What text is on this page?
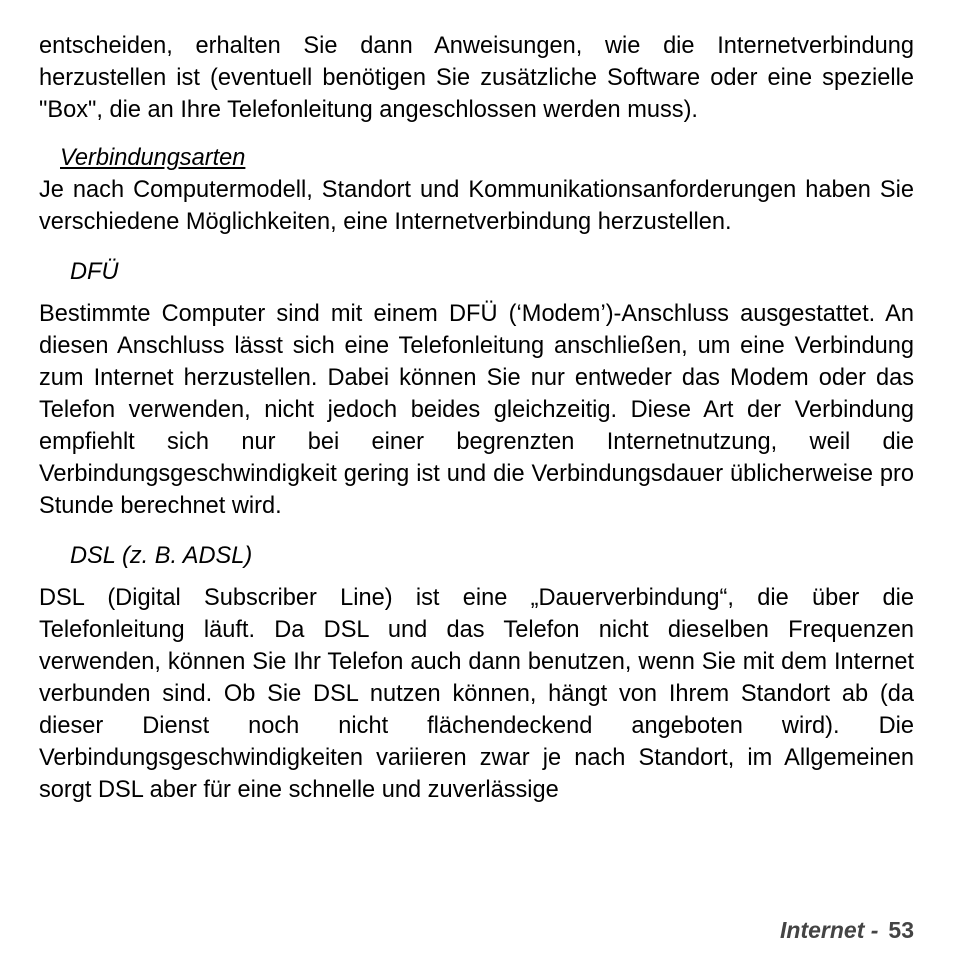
entscheiden, erhalten Sie dann Anweisungen, wie die Internetverbindung herzustellen ist (eventuell benötigen Sie zusätzliche Software oder eine spezielle "Box", die an Ihre Telefonleitung angeschlossen werden muss).

Verbindungsarten

Je nach Computermodell, Standort und Kommunikationsanforderungen haben Sie verschiedene Möglichkeiten, eine Internetverbindung herzustellen.

DFÜ

Bestimmte Computer sind mit einem DFÜ (‘Modem’)-Anschluss ausgestattet. An diesen Anschluss lässt sich eine Telefonleitung anschließen, um eine Verbindung zum Internet herzustellen. Dabei können Sie nur entweder das Modem oder das Telefon verwenden, nicht jedoch beides gleichzeitig. Diese Art der Verbindung empfiehlt sich nur bei einer begrenzten Internetnutzung, weil die Verbindungsgeschwindigkeit gering ist und die Verbindungsdauer üblicherweise pro Stunde berechnet wird.

DSL (z. B. ADSL)

DSL (Digital Subscriber Line) ist eine „Dauerverbindung“, die über die Telefonleitung läuft. Da DSL und das Telefon nicht dieselben Frequenzen verwenden, können Sie Ihr Telefon auch dann benutzen, wenn Sie mit dem Internet verbunden sind. Ob Sie DSL nutzen können, hängt von Ihrem Standort ab (da dieser Dienst noch nicht flächendeckend angeboten wird). Die Verbindungsgeschwindigkeiten variieren zwar je nach Standort, im Allgemeinen sorgt DSL aber für eine schnelle und zuverlässige

Internet - 53
